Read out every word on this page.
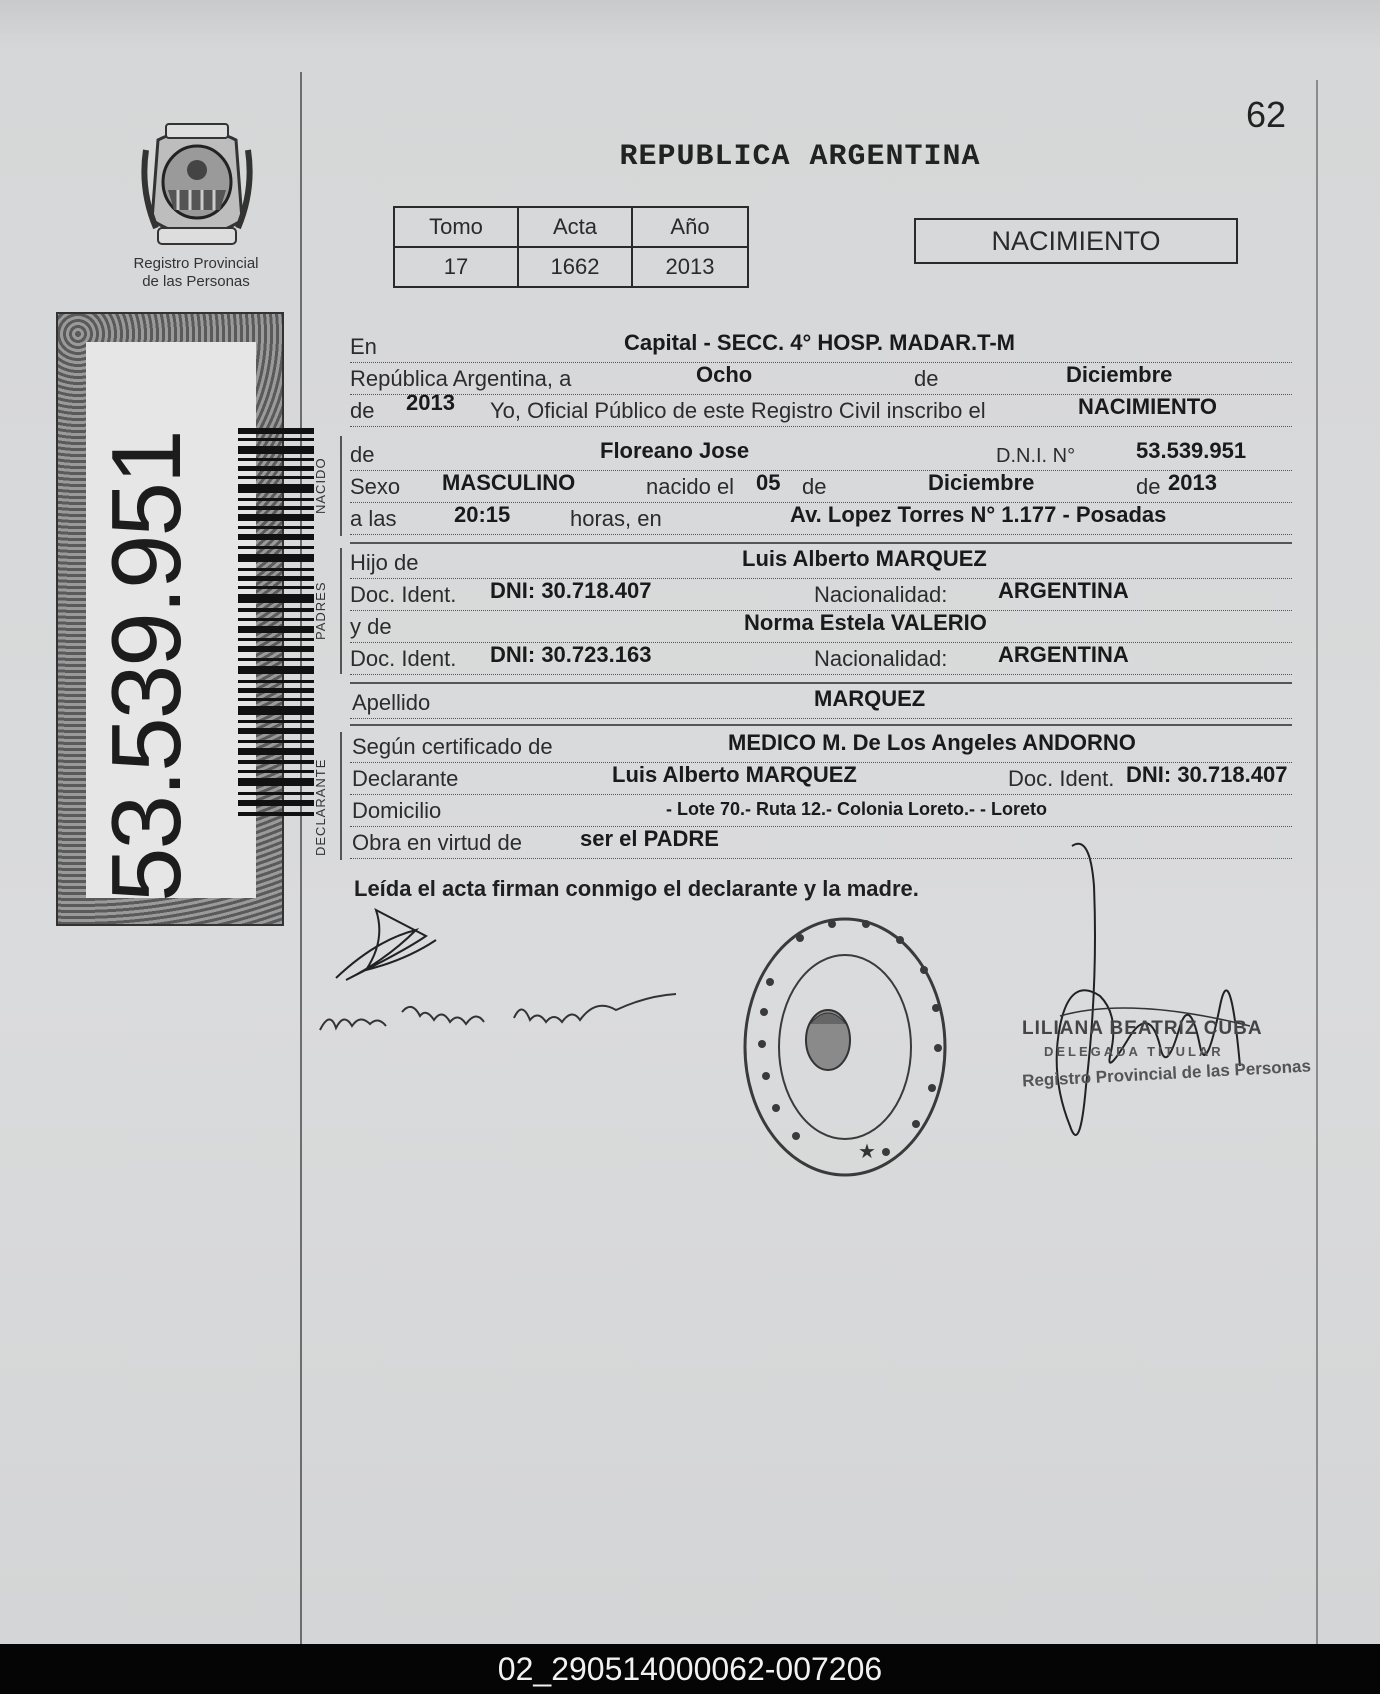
Registro Provincial
de las Personas
53.539.951
62
REPUBLICA ARGENTINA
Tomo	Acta	Año
17	1662	2013
NACIMIENTO
En	Capital - SECC. 4° HOSP. MADAR.T-M
República Argentina, a	Ocho	de	Diciembre
de 2013 Yo, Oficial Público de este Registro Civil inscribo el	NACIMIENTO
NACIDO
de	Floreano Jose	D.N.I. N°	53.539.951
Sexo MASCULINO	nacido el 05 de	Diciembre	de 2013
a las	20:15	horas, en	Av. Lopez Torres N° 1.177 - Posadas
PADRES
Hijo de	Luis Alberto MARQUEZ
Doc. Ident. DNI: 30.718.407	Nacionalidad: ARGENTINA
y de	Norma Estela VALERIO
Doc. Ident. DNI: 30.723.163	Nacionalidad: ARGENTINA
Apellido	MARQUEZ
DECLARANTE
Según certificado de	MEDICO M. De Los Angeles ANDORNO
Declarante	Luis Alberto MARQUEZ	Doc. Ident. DNI: 30.718.407
Domicilio	- Lote 70.- Ruta 12.- Colonia Loreto.- - Loreto
Obra en virtud de	ser el PADRE
Leída el acta firman conmigo el declarante y la madre.
★
LILIANA BEATRIZ CUBA
DELEGADA TITULAR
Registro Provincial de las Personas
02_290514000062-007206
